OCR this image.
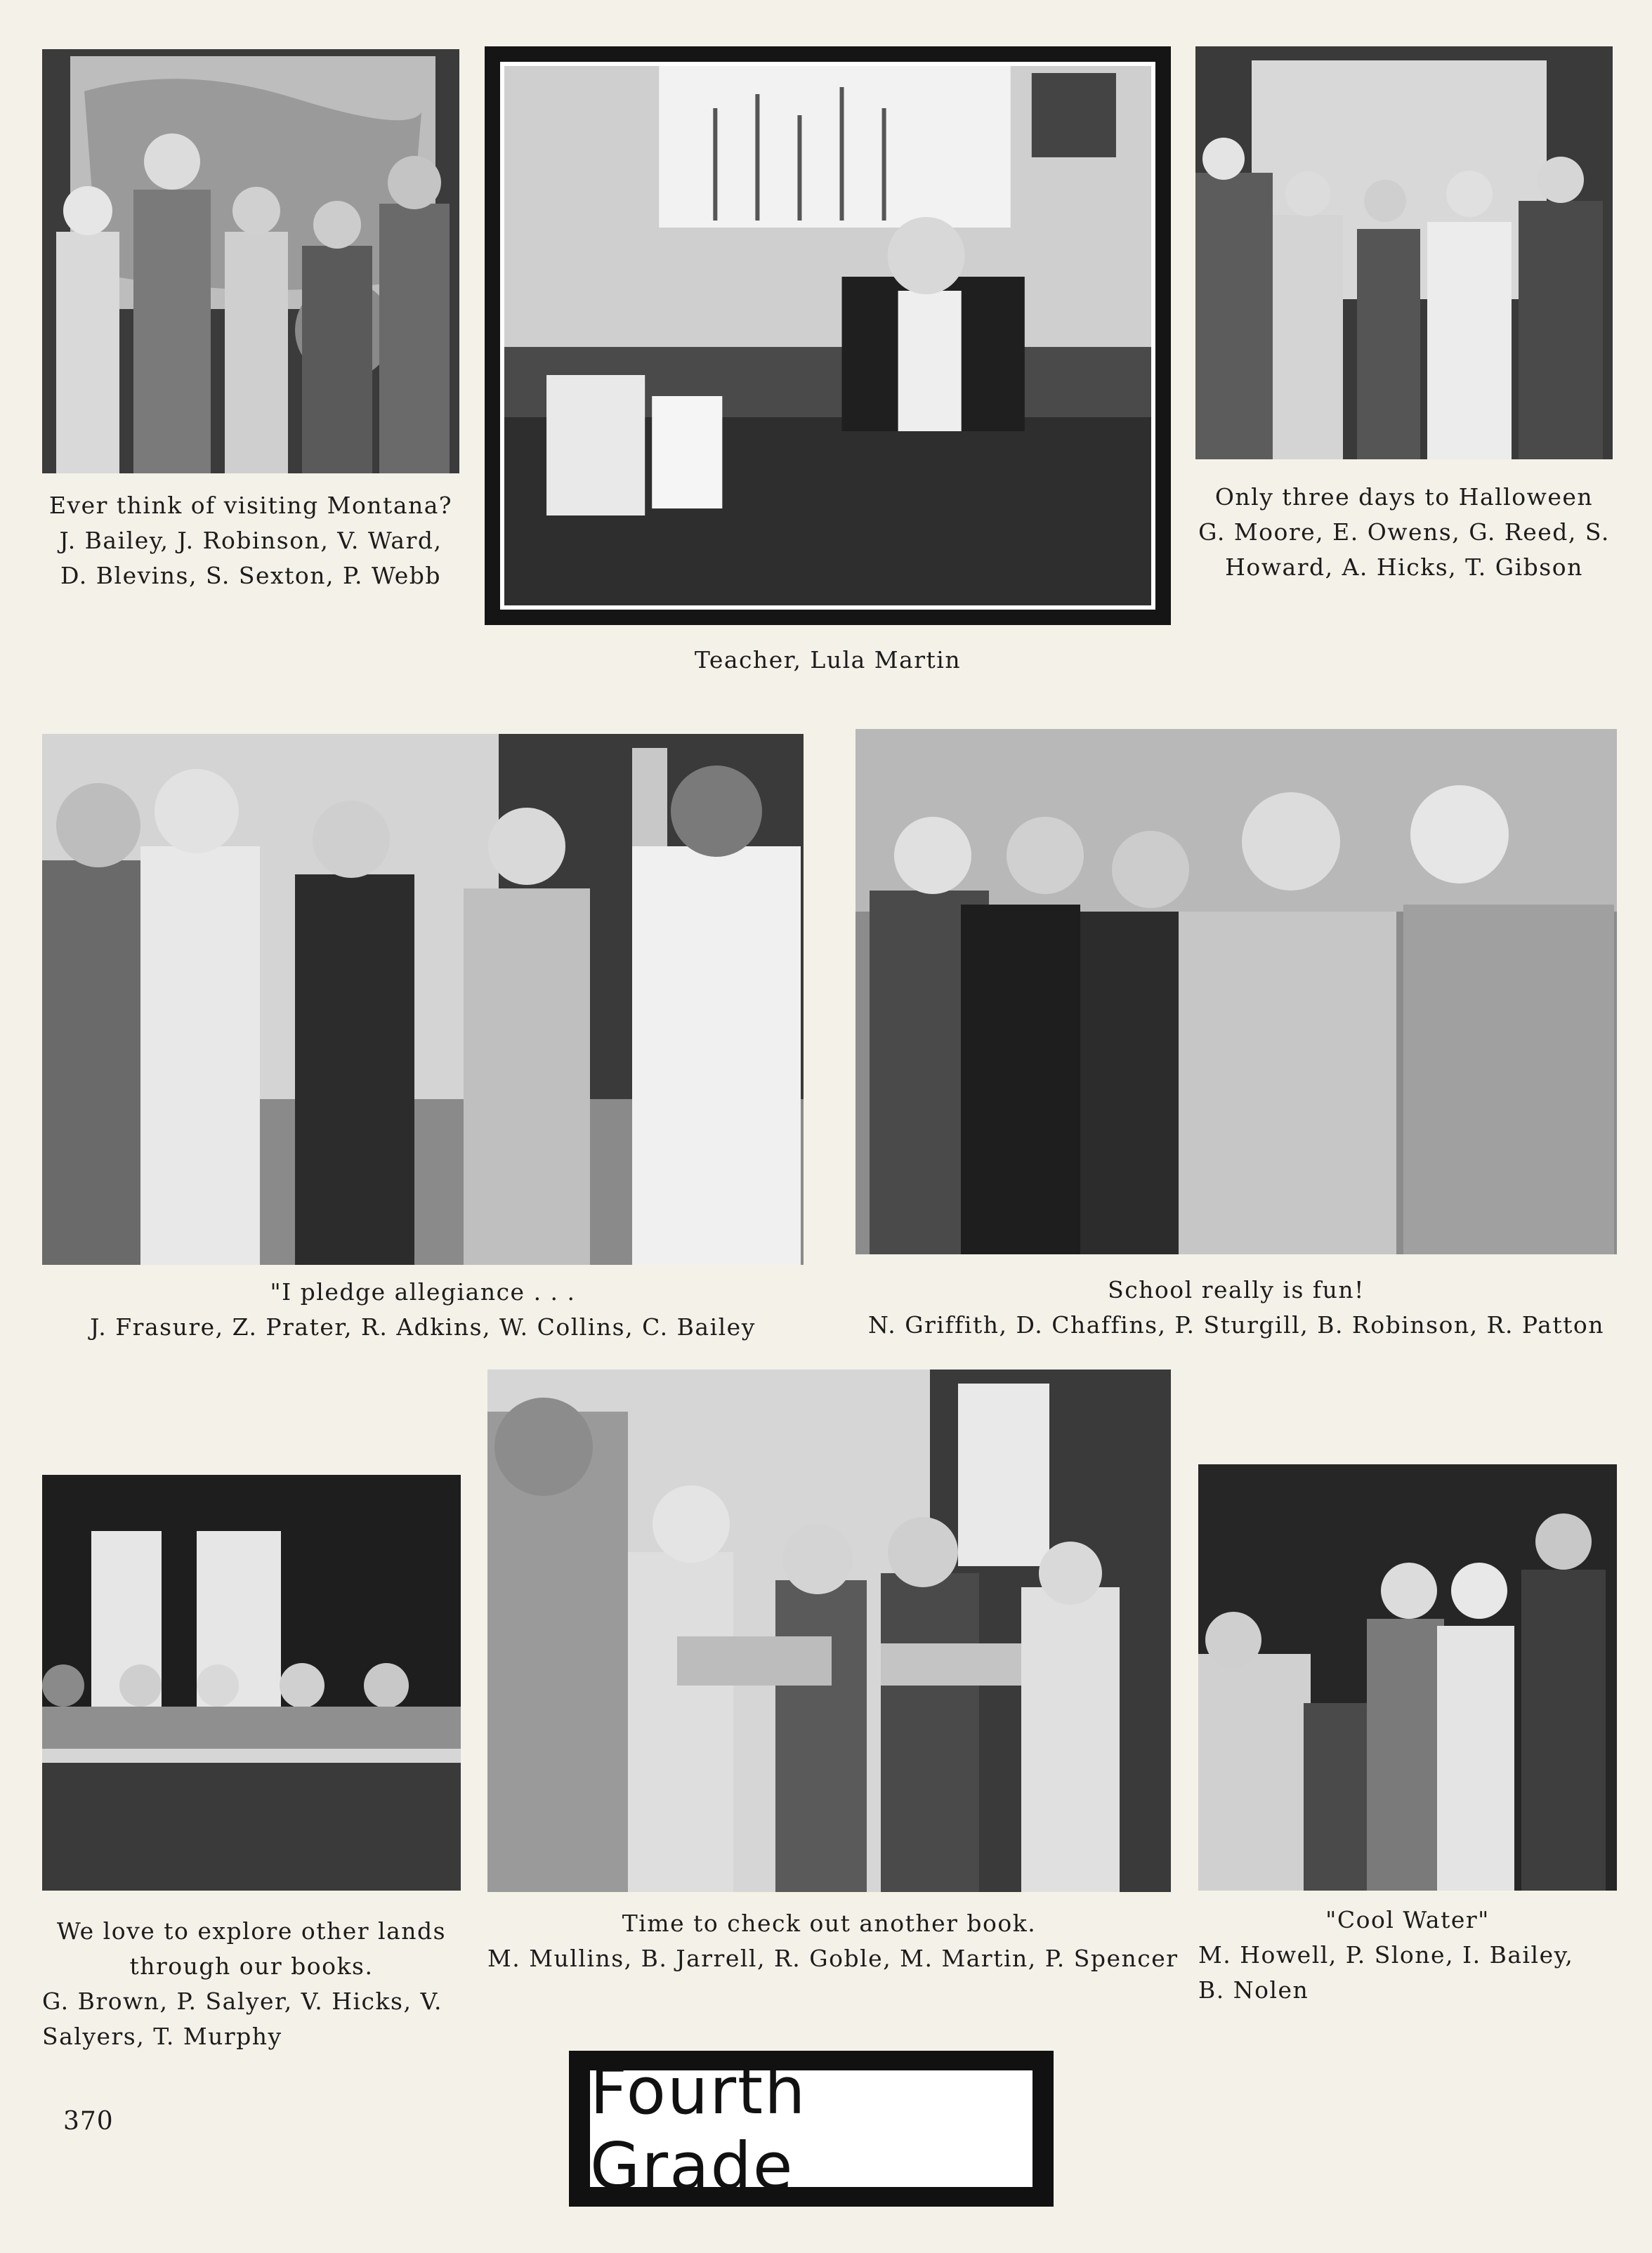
Ever think of visiting Montana?
J. Bailey, J. Robinson, V. Ward,
D. Blevins, S. Sexton, P. Webb
Teacher, Lula Martin
Only three days to Halloween
G. Moore, E. Owens, G. Reed, S.
Howard, A. Hicks, T. Gibson
"I pledge allegiance . . .
J. Frasure, Z. Prater, R. Adkins, W. Collins, C. Bailey
School really is fun!
N. Griffith, D. Chaffins, P. Sturgill, B. Robinson, R. Patton
We love to explore other lands
through our books.
G. Brown, P. Salyer, V. Hicks, V.
Salyers, T. Murphy
Time to check out another book.
M. Mullins, B. Jarrell, R. Goble, M. Martin, P. Spencer
"Cool Water"
M. Howell, P. Slone, I. Bailey,
B. Nolen
370	Fourth Grade
